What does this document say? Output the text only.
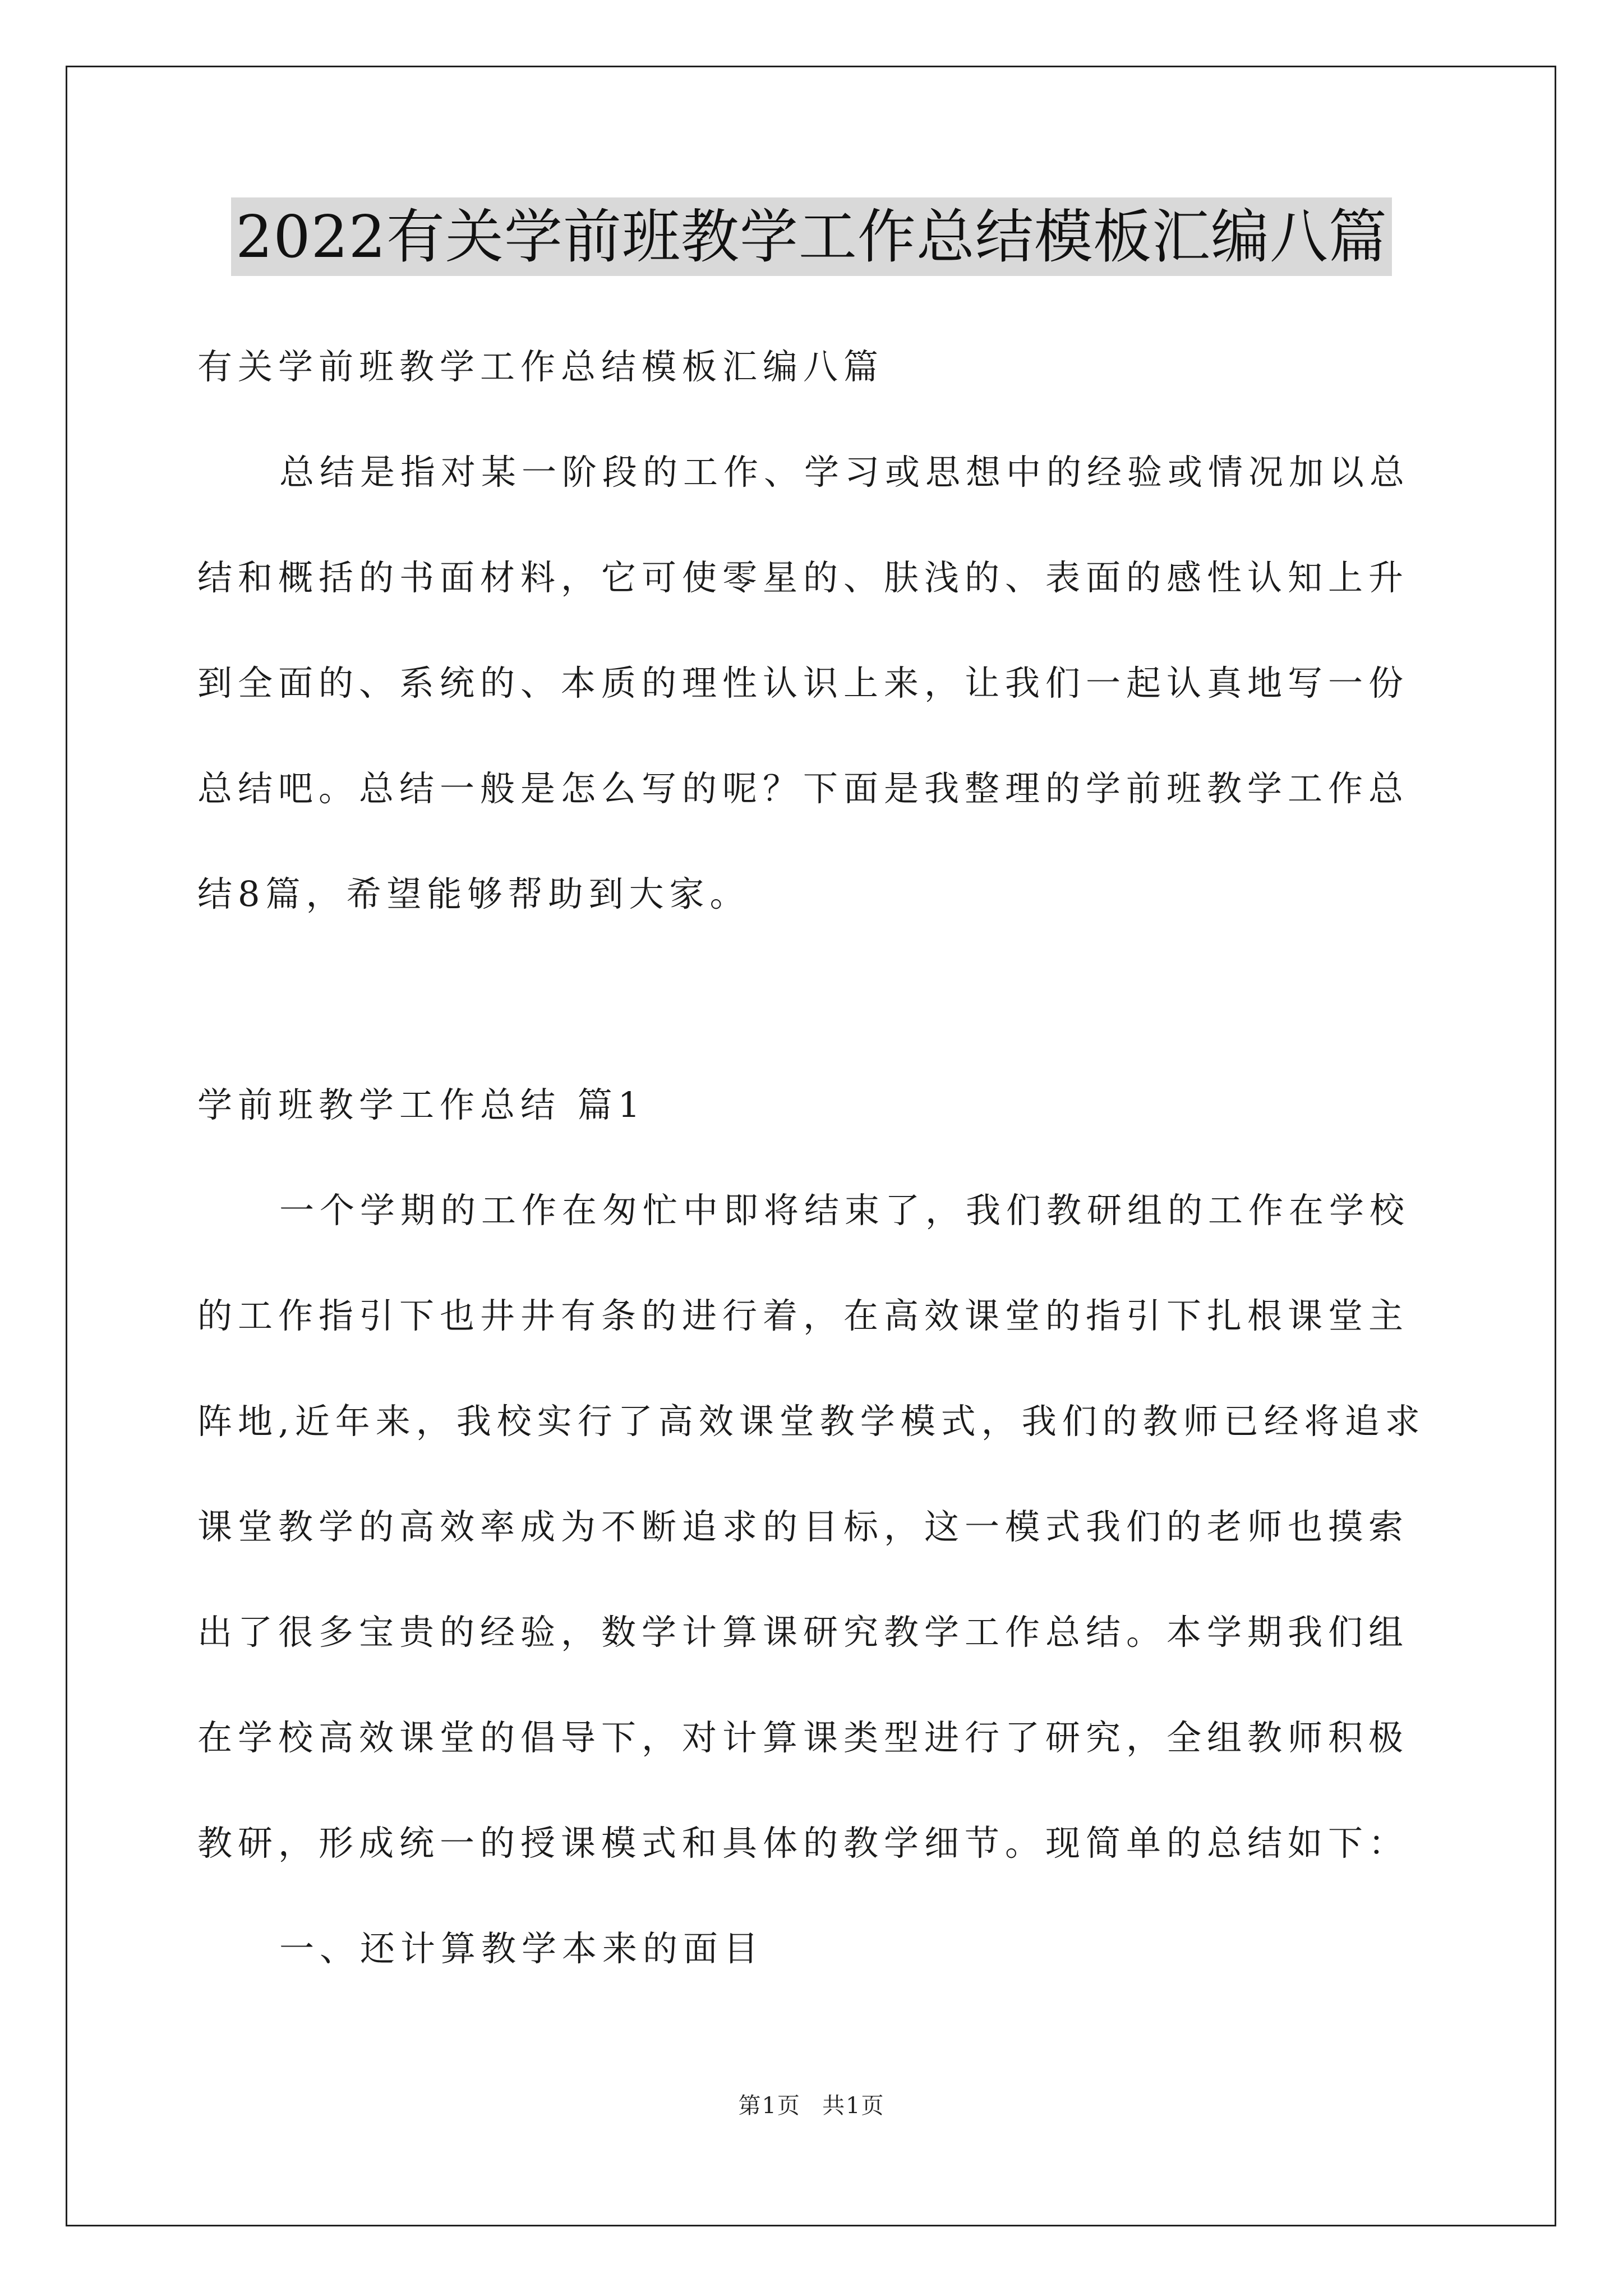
2022有关学前班教学工作总结模板汇编八篇
有关学前班教学工作总结模板汇编八篇
总结是指对某一阶段的工作、学习或思想中的经验或情况加以总
结和概括的书面材料，它可使零星的、肤浅的、表面的感性认知上升
到全面的、系统的、本质的理性认识上来，让我们一起认真地写一份
总结吧。总结一般是怎么写的呢？下面是我整理的学前班教学工作总
结8篇，希望能够帮助到大家。
学前班教学工作总结 篇1
一个学期的工作在匆忙中即将结束了，我们教研组的工作在学校
的工作指引下也井井有条的进行着，在高效课堂的指引下扎根课堂主
阵地,近年来，我校实行了高效课堂教学模式，我们的教师已经将追求
课堂教学的高效率成为不断追求的目标，这一模式我们的老师也摸索
出了很多宝贵的经验，数学计算课研究教学工作总结。本学期我们组
在学校高效课堂的倡导下，对计算课类型进行了研究，全组教师积极
教研，形成统一的授课模式和具体的教学细节。现简单的总结如下：
一、还计算教学本来的面目
第1页 共1页
